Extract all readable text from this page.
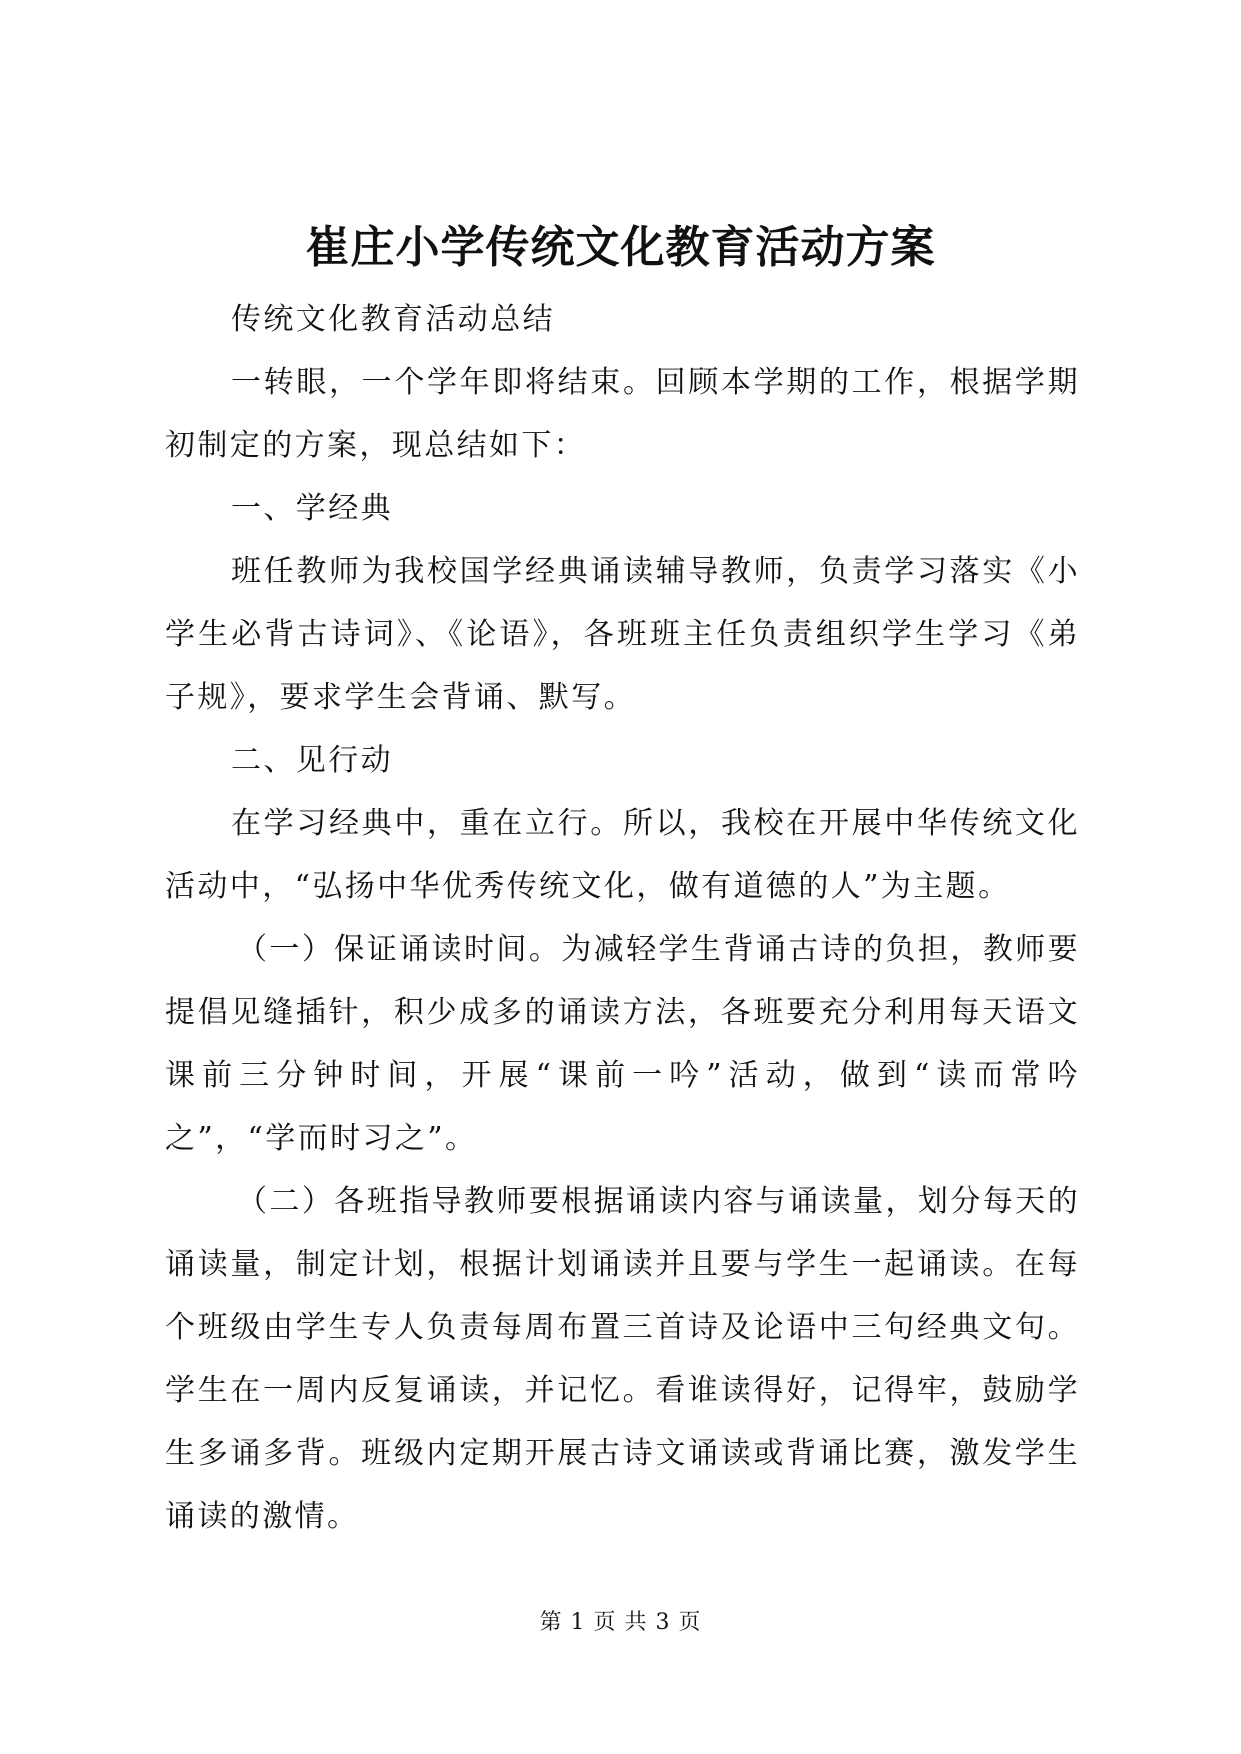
崔庄小学传统文化教育活动方案

传统文化教育活动总结

一转眼，一个学年即将结束。回顾本学期的工作，根据学期初制定的方案，现总结如下：

一、学经典

班任教师为我校国学经典诵读辅导教师，负责学习落实《小学生必背古诗词》、《论语》，各班班主任负责组织学生学习《弟子规》，要求学生会背诵、默写。

二、见行动

在学习经典中，重在立行。所以，我校在开展中华传统文化活动中，“弘扬中华优秀传统文化，做有道德的人”为主题。

（一）保证诵读时间。为减轻学生背诵古诗的负担，教师要提倡见缝插针，积少成多的诵读方法，各班要充分利用每天语文课前三分钟时间，开展“课前一吟”活动，做到“读而常吟之”，“学而时习之”。

（二）各班指导教师要根据诵读内容与诵读量，划分每天的诵读量，制定计划，根据计划诵读并且要与学生一起诵读。在每个班级由学生专人负责每周布置三首诗及论语中三句经典文句。学生在一周内反复诵读，并记忆。看谁读得好，记得牢，鼓励学生多诵多背。班级内定期开展古诗文诵读或背诵比赛，激发学生诵读的激情。

第 1 页 共 3 页
